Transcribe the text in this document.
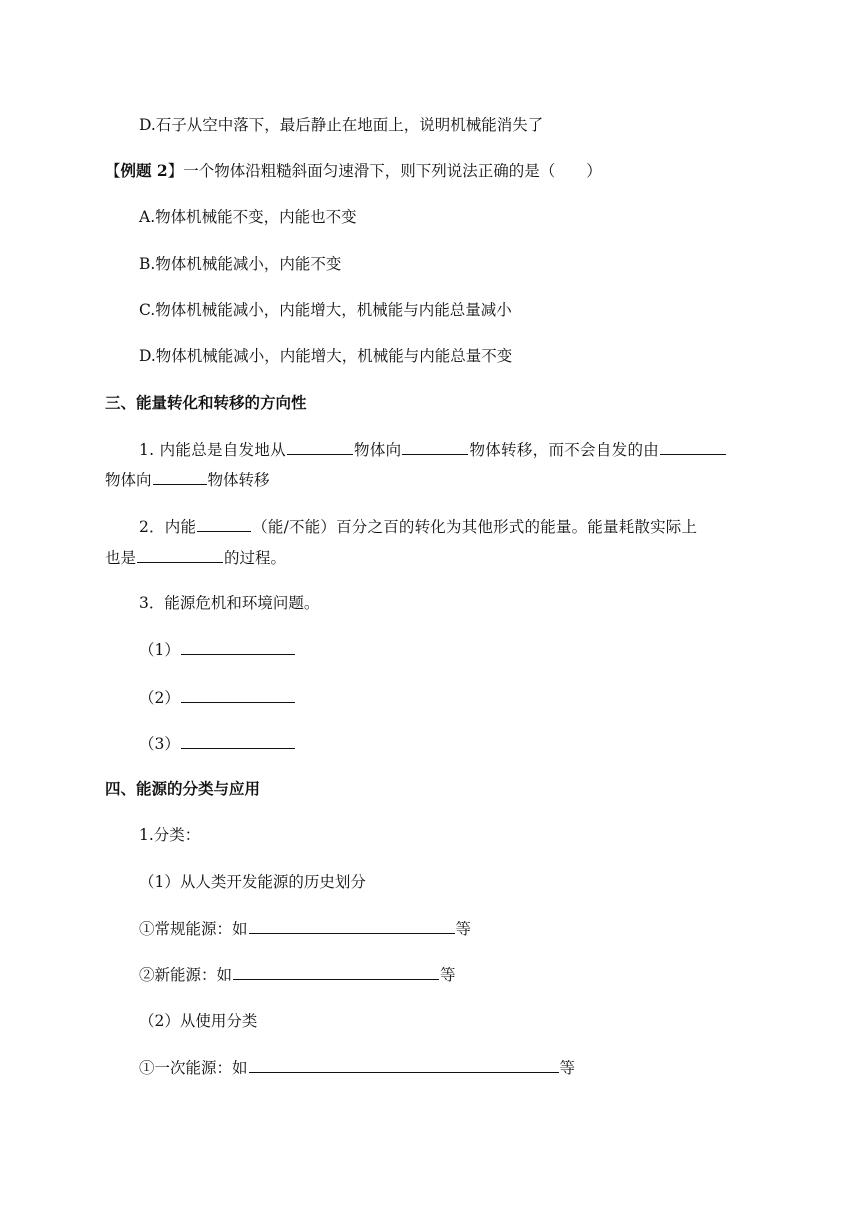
D.石子从空中落下，最后静止在地面上，说明机械能消失了
【例题 2】一个物体沿粗糙斜面匀速滑下，则下列说法正确的是（　　）
A.物体机械能不变，内能也不变
B.物体机械能减小，内能不变
C.物体机械能减小，内能增大，机械能与内能总量减小
D.物体机械能减小，内能增大，机械能与内能总量不变
三、能量转化和转移的方向性
1. 内能总是自发地从	物体向	物体转移，而不会自发的由
物体向	物体转移
2．内能	（能/不能）百分之百的转化为其他形式的能量。能量耗散实际上
也是	的过程。
3．能源危机和环境问题。
（1）
（2）
（3）
四、能源的分类与应用
1.分类：
（1）从人类开发能源的历史划分
①常规能源：如	等
②新能源：如	等
（2）从使用分类
①一次能源：如	等
